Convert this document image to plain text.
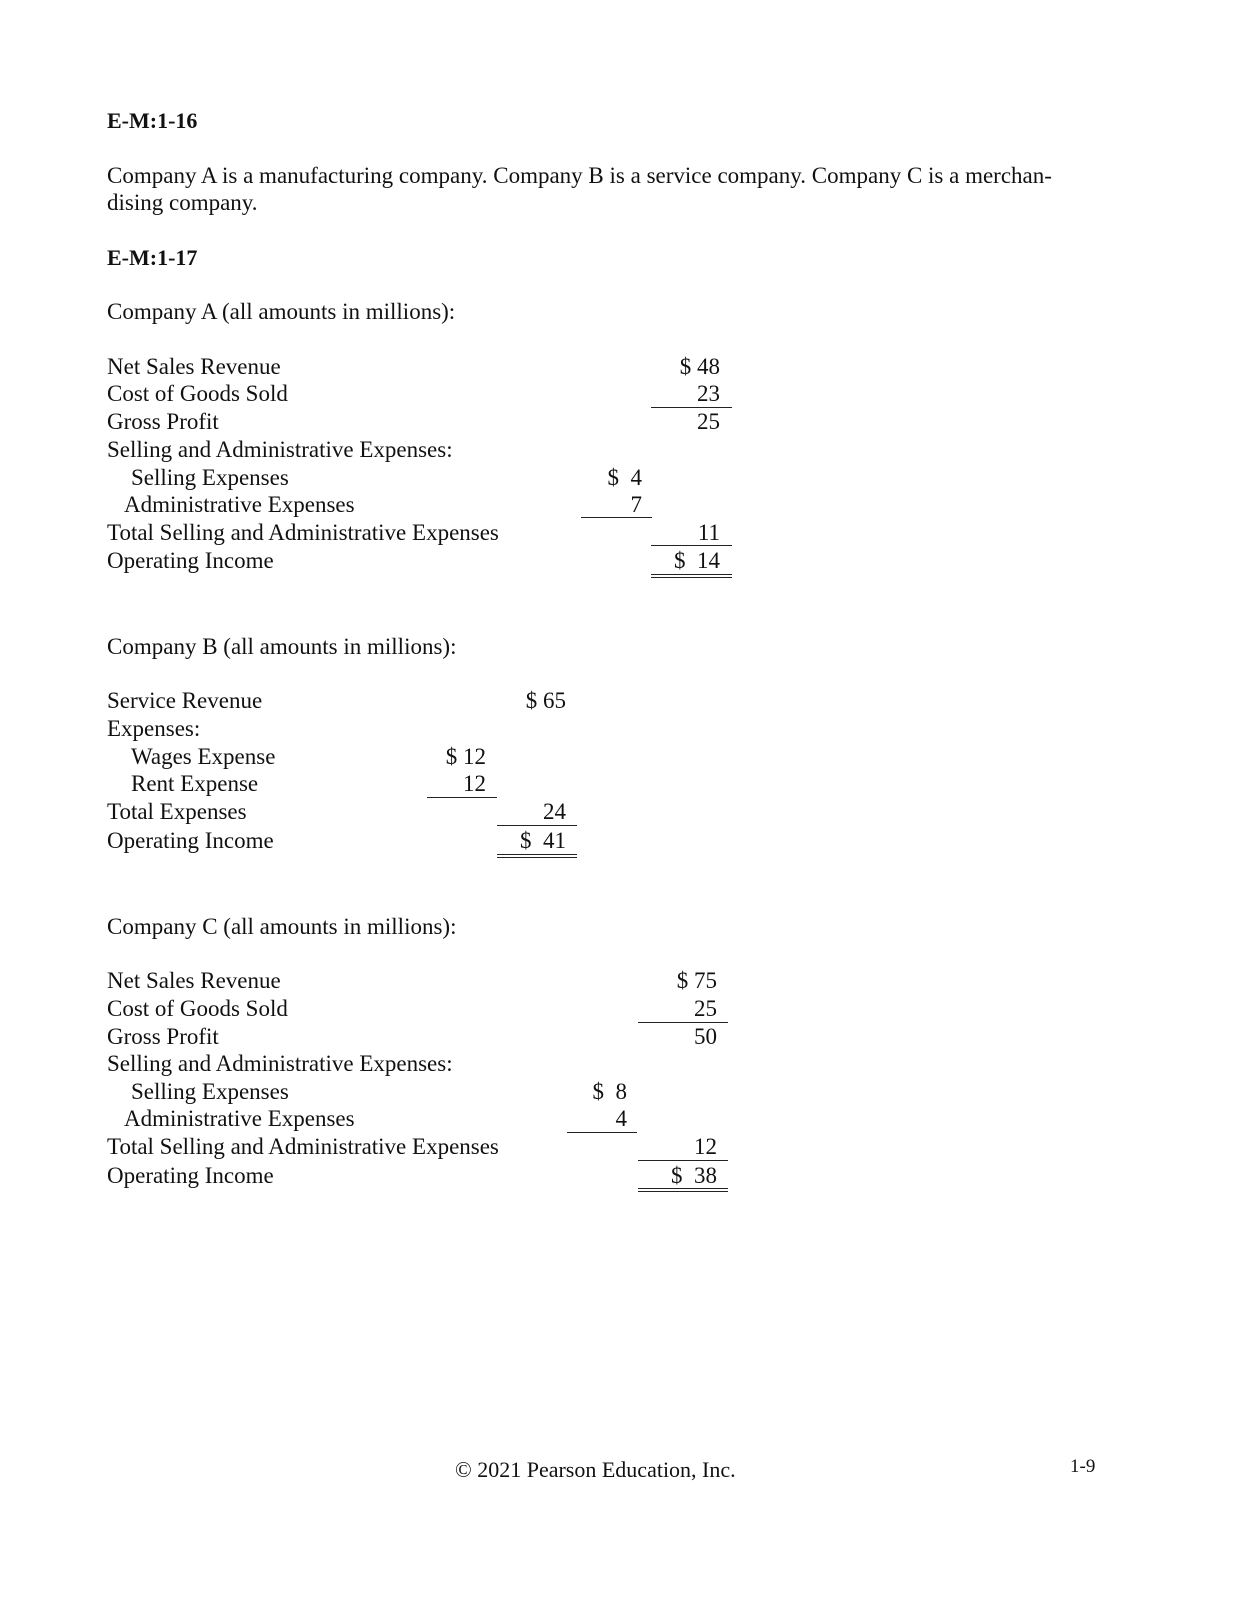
E-M:1-16
Company A is a manufacturing company. Company B is a service company. Company C is a merchan- dising company.
E-M:1-17
Company A (all amounts in millions):
Net Sales Revenue	$ 48
Cost of Goods Sold	23
Gross Profit	25
Selling and Administrative Expenses:
Selling Expenses	$  4
Administrative Expenses	7
Total Selling and Administrative Expenses	11
Operating Income	$  14
Company B (all amounts in millions):
Service Revenue	$ 65
Expenses:
Wages Expense	$ 12
Rent Expense	12
Total Expenses	24
Operating Income	$  41
Company C (all amounts in millions):
Net Sales Revenue	$ 75
Cost of Goods Sold	25
Gross Profit	50
Selling and Administrative Expenses:
Selling Expenses	$  8
Administrative Expenses	4
Total Selling and Administrative Expenses	12
Operating Income	$  38
© 2021 Pearson Education, Inc.	1-9
